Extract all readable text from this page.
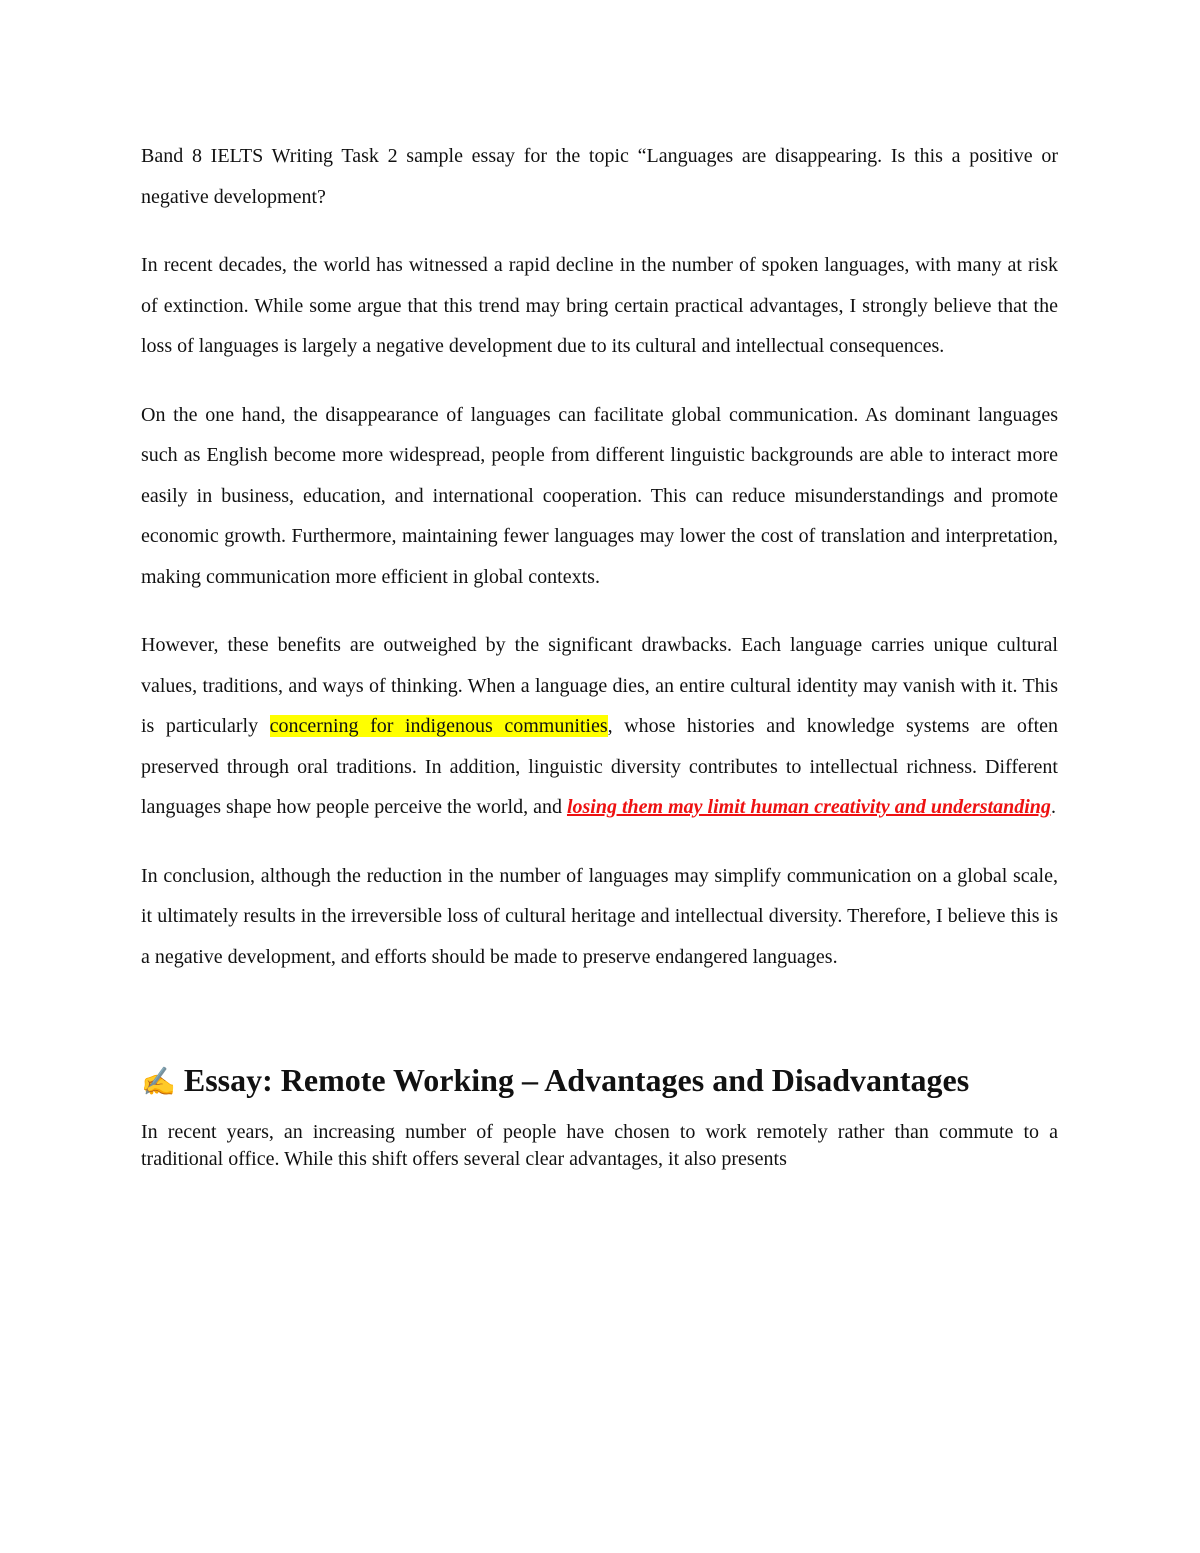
Band 8 IELTS Writing Task 2 sample essay for the topic “Languages are disappearing. Is this a positive or negative development?

In recent decades, the world has witnessed a rapid decline in the number of spoken languages, with many at risk of extinction. While some argue that this trend may bring certain practical advantages, I strongly believe that the loss of languages is largely a negative development due to its cultural and intellectual consequences.

On the one hand, the disappearance of languages can facilitate global communication. As dominant languages such as English become more widespread, people from different linguistic backgrounds are able to interact more easily in business, education, and international cooperation. This can reduce misunderstandings and promote economic growth. Furthermore, maintaining fewer languages may lower the cost of translation and interpretation, making communication more efficient in global contexts.

However, these benefits are outweighed by the significant drawbacks. Each language carries unique cultural values, traditions, and ways of thinking. When a language dies, an entire cultural identity may vanish with it. This is particularly concerning for indigenous communities, whose histories and knowledge systems are often preserved through oral traditions. In addition, linguistic diversity contributes to intellectual richness. Different languages shape how people perceive the world, and losing them may limit human creativity and understanding.

In conclusion, although the reduction in the number of languages may simplify communication on a global scale, it ultimately results in the irreversible loss of cultural heritage and intellectual diversity. Therefore, I believe this is a negative development, and efforts should be made to preserve endangered languages.

✍ Essay: Remote Working – Advantages and Disadvantages

In recent years, an increasing number of people have chosen to work remotely rather than commute to a traditional office. While this shift offers several clear advantages, it also presents
